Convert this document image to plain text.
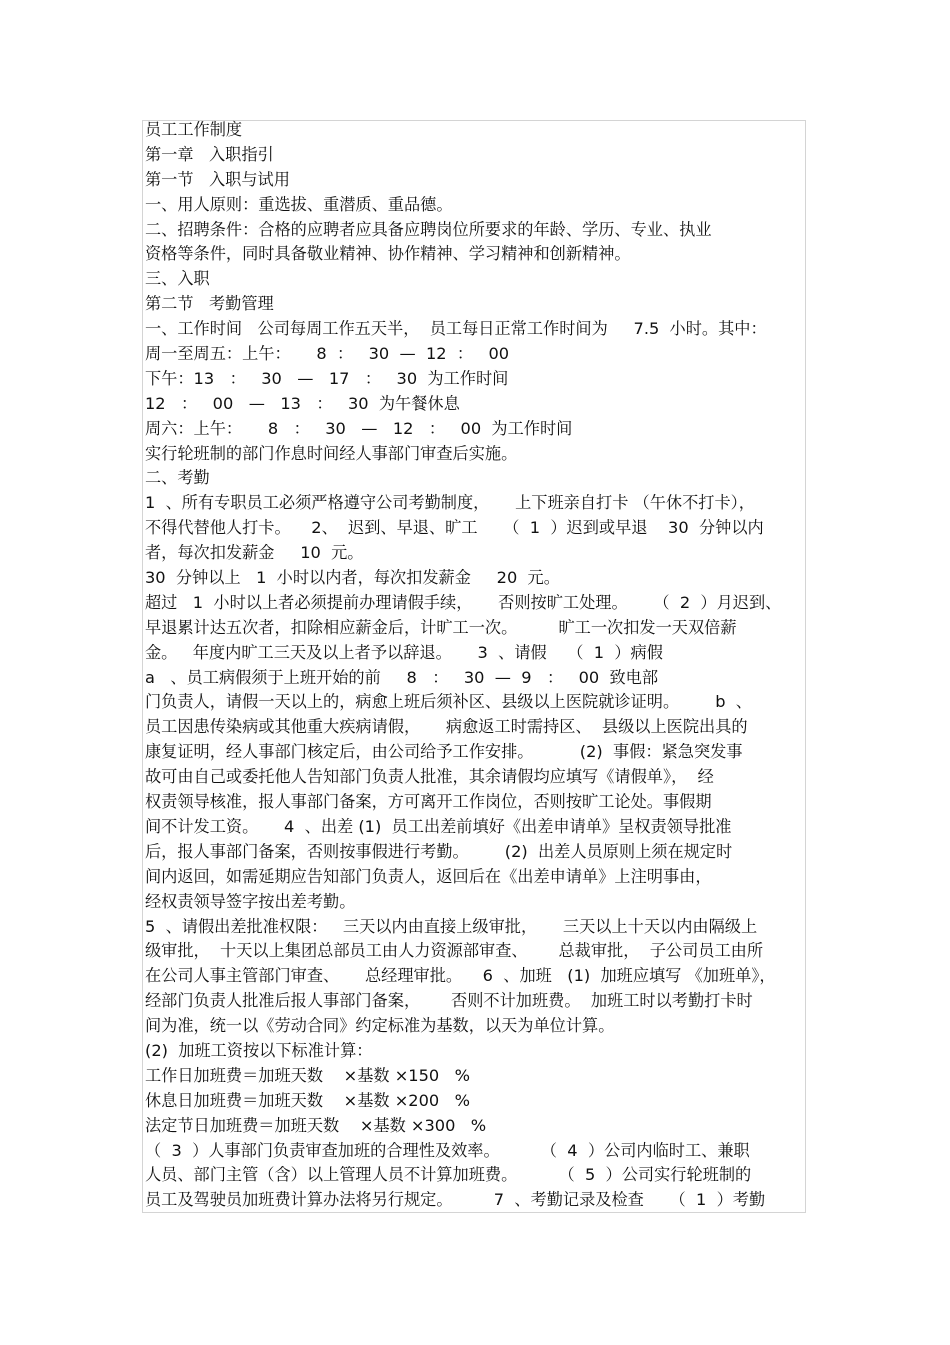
员工工作制度
第一章   入职指引
第一节   入职与试用
一、用人原则：重选拔、重潜质、重品德。
二、招聘条件：合格的应聘者应具备应聘岗位所要求的年龄、学历、专业、执业
资格等条件，同时具备敬业精神、协作精神、学习精神和创新精神。
三、入职
第二节   考勤管理
一、工作时间   公司每周工作五天半，  员工每日正常工作时间为     7.5  小时。其中：
周一至周五：上午：     8  ：   30  —  12  ：   00
下午：13   ：   30   —   17   ：   30  为工作时间
12   ：   00   —   13   ：   30  为午餐休息
周六：上午：     8   ：   30   —   12   ：   00  为工作时间
实行轮班制的部门作息时间经人事部门审查后实施。
二、考勤
1  、所有专职员工必须严格遵守公司考勤制度，     上下班亲自打卡 （午休不打卡），
不得代替他人打卡。    2、  迟到、早退、旷工     （  1  ）迟到或早退    30  分钟以内
者，每次扣发薪金     10  元。
30  分钟以上   1  小时以内者，每次扣发薪金     20  元。
超过   1  小时以上者必须提前办理请假手续，     否则按旷工处理。     （  2  ）月迟到、
早退累计达五次者，扣除相应薪金后，计旷工一次。        旷工一次扣发一天双倍薪
金。   年度内旷工三天及以上者予以辞退。     3  、请假    （  1  ）病假
a   、员工病假须于上班开始的前     8   ：   30  —  9   ：   00  致电部
门负责人，请假一天以上的，病愈上班后须补区、县级以上医院就诊证明。       b  、
员工因患传染病或其他重大疾病请假，     病愈返工时需持区、  县级以上医院出具的
康复证明，经人事部门核定后，由公司给予工作安排。         (2)  事假：紧急突发事
故可由自己或委托他人告知部门负责人批准，其余请假均应填写《请假单》，  经
权责领导核准，报人事部门备案，方可离开工作岗位，否则按旷工论处。事假期
间不计发工资。     4  、出差 (1)  员工出差前填好《出差申请单》呈权责领导批准
后，报人事部门备案，否则按事假进行考勤。       (2)  出差人员原则上须在规定时
间内返回，如需延期应告知部门负责人，返回后在《出差申请单》上注明事由，
经权责领导签字按出差考勤。
5  、请假出差批准权限：   三天以内由直接上级审批，     三天以上十天以内由隔级上
级审批，  十天以上集团总部员工由人力资源部审查、      总裁审批，  子公司员工由所
在公司人事主管部门审查、     总经理审批。    6  、加班   (1)  加班应填写 《加班单》，
经部门负责人批准后报人事部门备案，      否则不计加班费。  加班工时以考勤打卡时
间为准，统一以《劳动合同》约定标准为基数，以天为单位计算。
(2)  加班工资按以下标准计算：
工作日加班费＝加班天数    ×基数 ×150   %
休息日加班费＝加班天数    ×基数 ×200   %
法定节日加班费＝加班天数    ×基数 ×300   %
（  3  ）人事部门负责审查加班的合理性及效率。        （  4  ）公司内临时工、兼职
人员、部门主管（含）以上管理人员不计算加班费。        （  5  ）公司实行轮班制的
员工及驾驶员加班费计算办法将另行规定。        7  、考勤记录及检查     （  1  ）考勤
